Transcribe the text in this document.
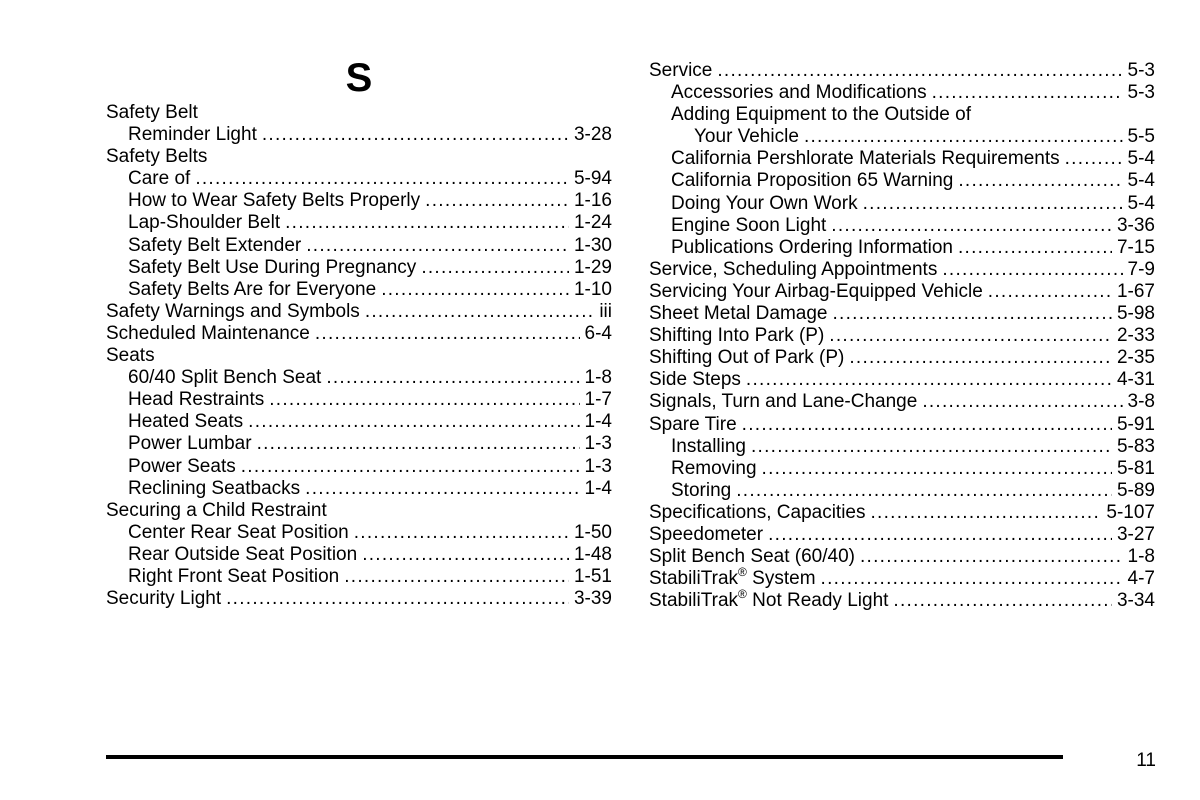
S
Safety Belt
Reminder Light . . .	3-28
Safety Belts
Care of . . .	5-94
How to Wear Safety Belts Properly . . .	1-16
Lap-Shoulder Belt . . .	1-24
Safety Belt Extender . . .	1-30
Safety Belt Use During Pregnancy . . .	1-29
Safety Belts Are for Everyone . . .	1-10
Safety Warnings and Symbols . . .	iii
Scheduled Maintenance . . .	6-4
Seats
60/40 Split Bench Seat . . .	1-8
Head Restraints . . .	1-7
Heated Seats . . .	1-4
Power Lumbar . . .	1-3
Power Seats . . .	1-3
Reclining Seatbacks . . .	1-4
Securing a Child Restraint
Center Rear Seat Position . . .	1-50
Rear Outside Seat Position . . .	1-48
Right Front Seat Position . . .	1-51
Security Light . . .	3-39
Service . . .	5-3
Accessories and Modifications . . .	5-3
Adding Equipment to the Outside of
Your Vehicle . . .	5-5
California Pershlorate Materials Requirements . . .	5-4
California Proposition 65 Warning . . .	5-4
Doing Your Own Work . . .	5-4
Engine Soon Light . . .	3-36
Publications Ordering Information . . .	7-15
Service, Scheduling Appointments . . .	7-9
Servicing Your Airbag-Equipped Vehicle . . .	1-67
Sheet Metal Damage . . .	5-98
Shifting Into Park (P) . . .	2-33
Shifting Out of Park (P) . . .	2-35
Side Steps . . .	4-31
Signals, Turn and Lane-Change . . .	3-8
Spare Tire . . .	5-91
Installing . . .	5-83
Removing . . .	5-81
Storing . . .	5-89
Specifications, Capacities . . .	5-107
Speedometer . . .	3-27
Split Bench Seat (60/40) . . .	1-8
StabiliTrak® System . . .	4-7
StabiliTrak® Not Ready Light . . .	3-34
11
